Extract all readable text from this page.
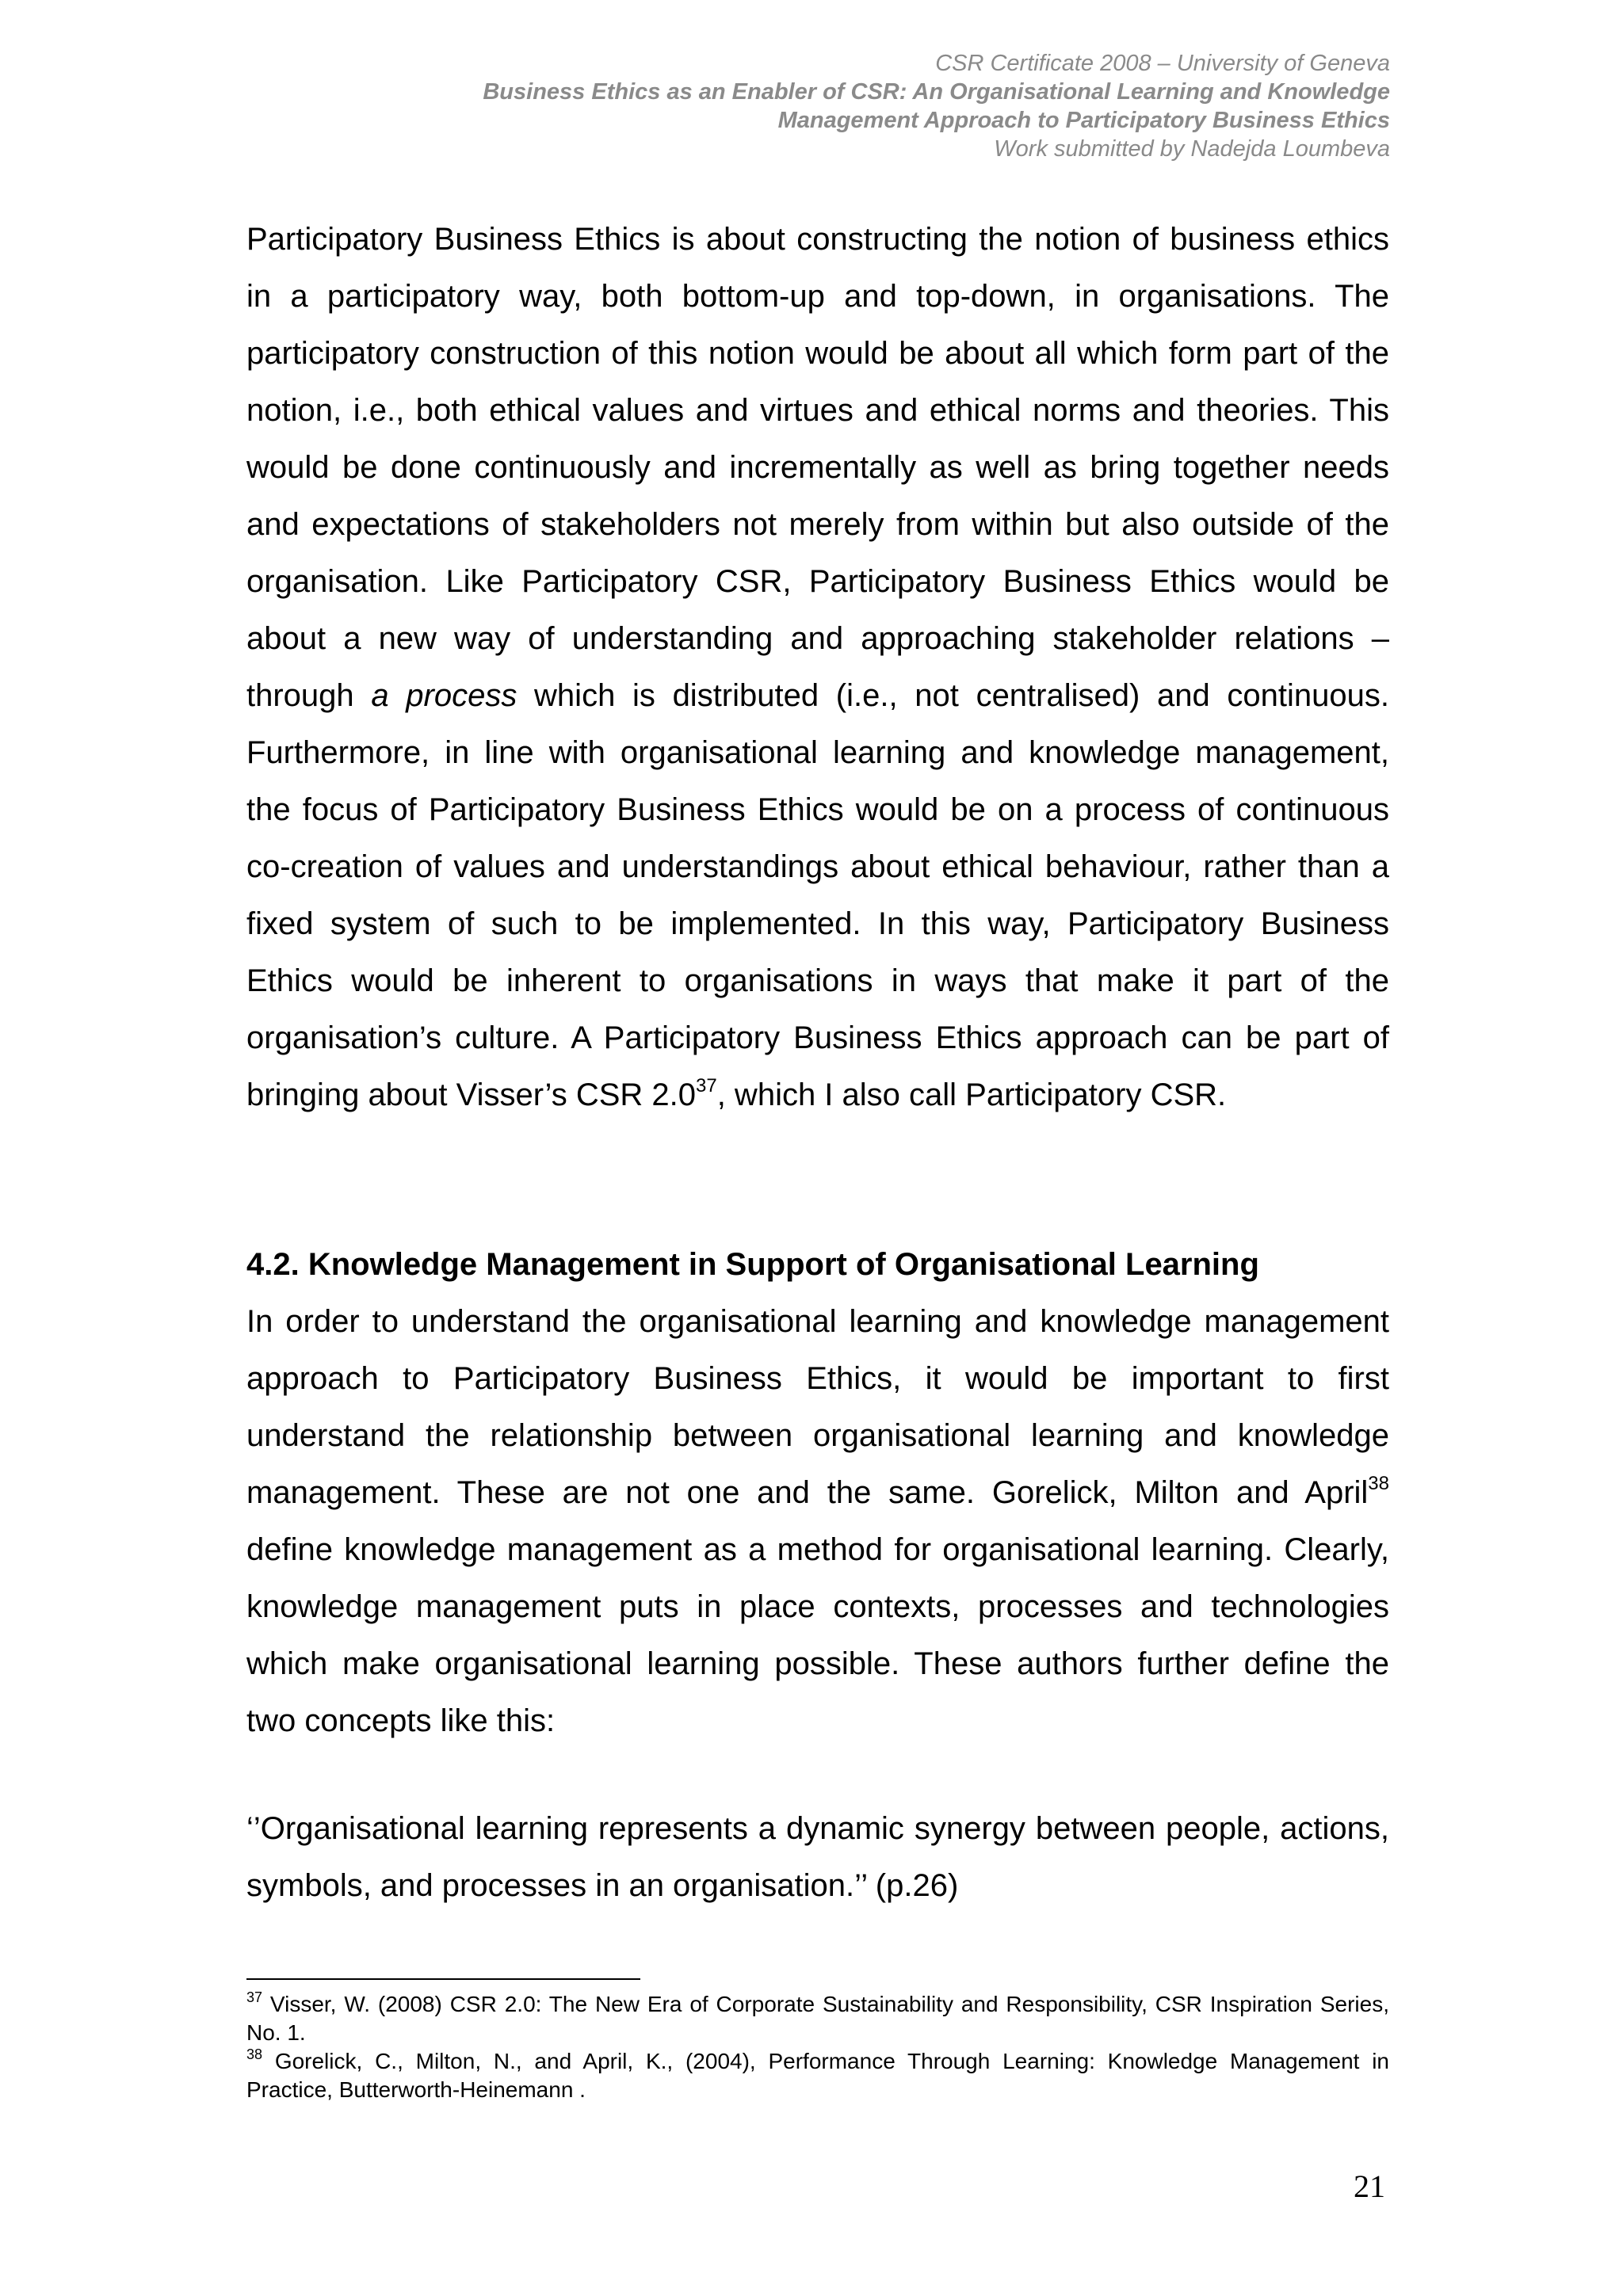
CSR Certificate 2008 – University of Geneva
Business Ethics as an Enabler of CSR: An Organisational Learning and Knowledge
Management Approach to Participatory Business Ethics
Work submitted by Nadejda Loumbeva

Participatory Business Ethics is about constructing the notion of business ethics in a participatory way, both bottom-up and top-down, in organisations. The participatory construction of this notion would be about all which form part of the notion, i.e., both ethical values and virtues and ethical norms and theories. This would be done continuously and incrementally as well as bring together needs and expectations of stakeholders not merely from within but also outside of the organisation. Like Participatory CSR, Participatory Business Ethics would be about a new way of understanding and approaching stakeholder relations – through a process which is distributed (i.e., not centralised) and continuous. Furthermore, in line with organisational learning and knowledge management, the focus of Participatory Business Ethics would be on a process of continuous co-creation of values and understandings about ethical behaviour, rather than a fixed system of such to be implemented. In this way, Participatory Business Ethics would be inherent to organisations in ways that make it part of the organisation’s culture. A Participatory Business Ethics approach can be part of bringing about Visser’s CSR $2.0^{37}$, which I also call Participatory CSR.

4.2. Knowledge Management in Support of Organisational Learning

In order to understand the organisational learning and knowledge management approach to Participatory Business Ethics, it would be important to first understand the relationship between organisational learning and knowledge management. These are not one and the same. Gorelick, Milton and April$^{38}$ define knowledge management as a method for organisational learning. Clearly, knowledge management puts in place contexts, processes and technologies which make organisational learning possible. These authors further define the two concepts like this:

‘’Organisational learning represents a dynamic synergy between people, actions, symbols, and processes in an organisation.’’ (p.26)

$^{37}$ Visser, W. (2008) CSR 2.0: The New Era of Corporate Sustainability and Responsibility, CSR Inspiration Series, No. 1.

$^{38}$ Gorelick, C., Milton, N., and April, K., (2004), Performance Through Learning: Knowledge Management in Practice, Butterworth-Heinemann .

21
